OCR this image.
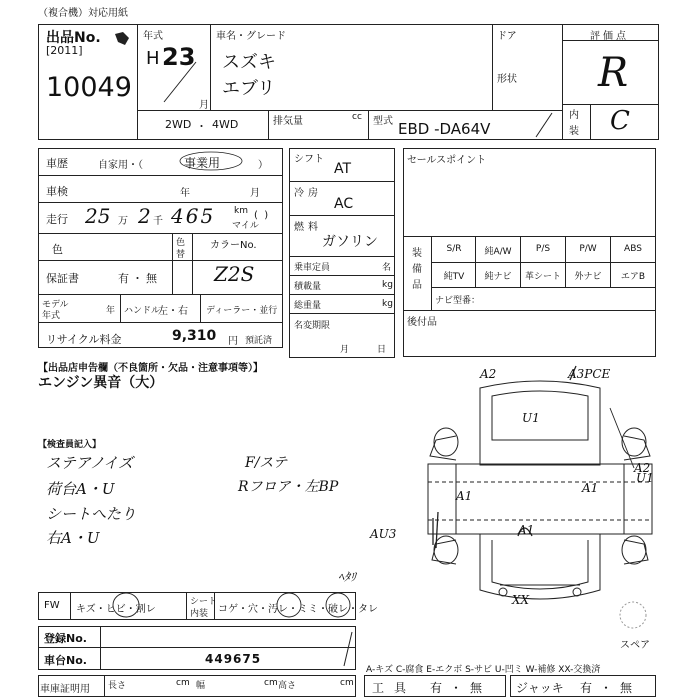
（複合機）対応用紙
出品No.
[2011]
10049
年式
H 23
月
車名・グレード
スズキ
エブリ
ドア
形状
評価点
R
内
装 C
2WD ・ 4WD	排気量	cc 型式 EBD -DA64V
車歴	自家用・（	事業用	）
車検	年	月
走行 25 万 2 千 465 km
マイル
(  )
色	色
替
カラーNo.
Z2S
保証書	有・無
モデル
年式	年 ハンドル
左・右 ディーラー・並行
リサイクル料金	9,310 円 預託済
シフト
AT
冷房
AC
燃料
ガソリン
乗車定員	名
積載量	kg
総重量	kg
名変期限
月日
セールスポイント
装備品
S/R	純A/W	P/S	P/W	ABS
純TV	純ナビ	革シート	外ナビ	エアB
ナビ型番：
後付品
【出品店申告欄（不良箇所・欠品・注意事項等）】
エンジン異音（大）
【検査員記入】
ステアノイズ
荷台A・U
シートへたり
右A・U
F/ステ
Rフロア・左BP
A2	A3PCE
U1
U1
A2
A1
A1
AU3	A1
XX
FW キズ・ヒビ・割レ
シート
内装 コゲ・穴・汚レ・ミミ・破レ・タレ
ﾍﾀﾘ
スペア
登録No.
車台No.	449675
A-キズ C-腐食 E-エクボ S-サビ U-凹ミ W-補修 XX-交換済
車庫証明用 長さ	cm 幅	cm 高さ	cm 工具 有・無 ジャッキ 有・無
